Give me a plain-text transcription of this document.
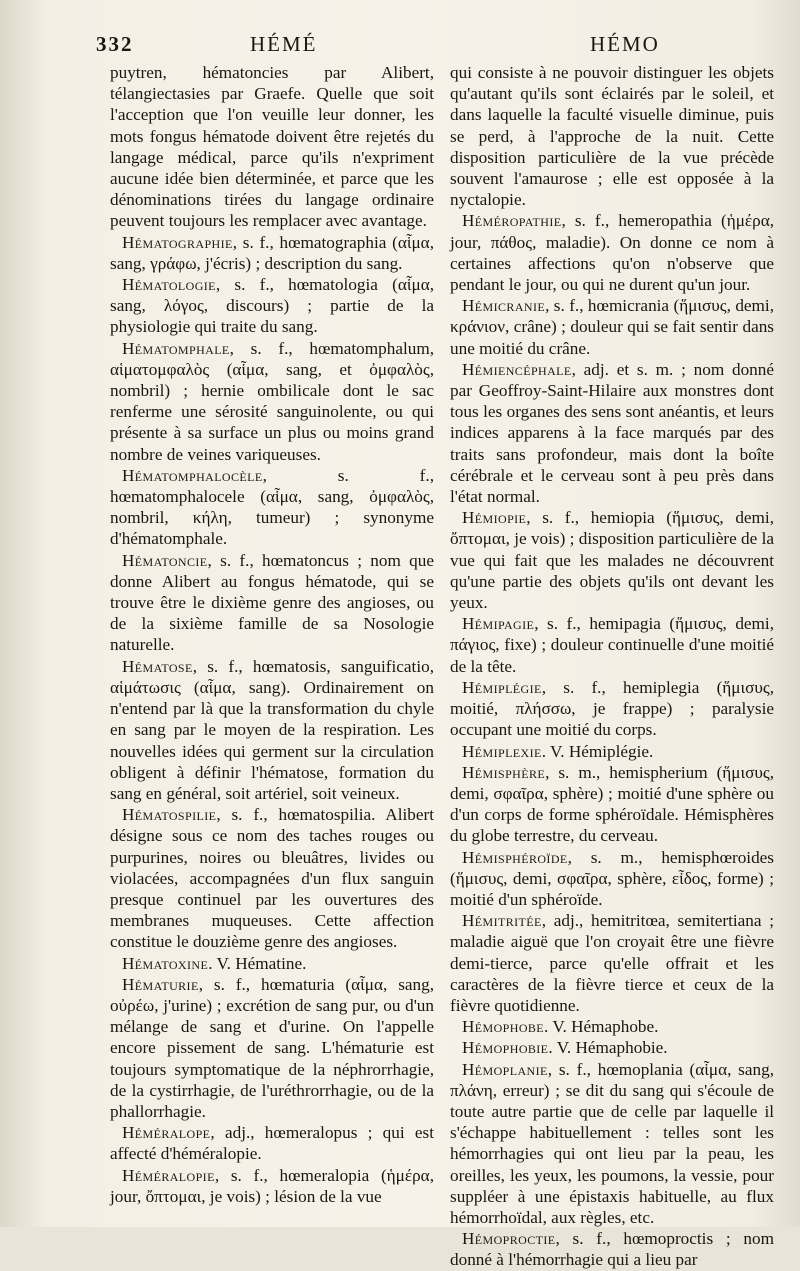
332	HÉMÉ	HÉMO

puytren, hématoncies par Alibert, télangiectasies par Graefe. Quelle que soit l'acception que l'on veuille leur donner, les mots fongus hématode doivent être rejetés du langage médical, parce qu'ils n'expriment aucune idée bien déterminée, et parce que les dénominations tirées du langage ordinaire peuvent toujours les remplacer avec avantage.

Hématographie, s. f., hœmatographia (αἷμα, sang, γράφω, j'écris) ; description du sang.

Hématologie, s. f., hœmatologia (αἷμα, sang, λόγος, discours) ; partie de la physiologie qui traite du sang.

Hématomphale, s. f., hœmatomphalum, αἱματομφαλὸς (αἷμα, sang, et ὀμφαλὸς, nombril) ; hernie ombilicale dont le sac renferme une sérosité sanguinolente, ou qui présente à sa surface un plus ou moins grand nombre de veines variqueuses.

Hématomphalocèle, s. f., hœmatomphalocele (αἷμα, sang, ὀμφαλὸς, nombril, κήλη, tumeur) ; synonyme d'hématomphale.

Hématoncie, s. f., hœmatoncus ; nom que donne Alibert au fongus hématode, qui se trouve être le dixième genre des angioses, ou de la sixième famille de sa Nosologie naturelle.

Hématose, s. f., hœmatosis, sanguificatio, αἱμάτωσις (αἷμα, sang). Ordinairement on n'entend par là que la transformation du chyle en sang par le moyen de la respiration. Les nouvelles idées qui germent sur la circulation obligent à définir l'hématose, formation du sang en général, soit artériel, soit veineux.

Hématospilie, s. f., hœmatospilia. Alibert désigne sous ce nom des taches rouges ou purpurines, noires ou bleuâtres, livides ou violacées, accompagnées d'un flux sanguin presque continuel par les ouvertures des membranes muqueuses. Cette affection constitue le douzième genre des angioses.

Hématoxine. V. Hématine.

Hématurie, s. f., hœmaturia (αἷμα, sang, οὐρέω, j'urine) ; excrétion de sang pur, ou d'un mélange de sang et d'urine. On l'appelle encore pissement de sang. L'hématurie est toujours symptomatique de la néphrorrhagie, de la cystirrhagie, de l'uréthrorrhagie, ou de la phallorrhagie.

Héméralope, adj., hœmeralopus ; qui est affecté d'héméralopie.

Héméralopie, s. f., hœmeralopia (ἡμέρα, jour, ὄπτομαι, je vois) ; lésion de la vue

qui consiste à ne pouvoir distinguer les objets qu'autant qu'ils sont éclairés par le soleil, et dans laquelle la faculté visuelle diminue, puis se perd, à l'approche de la nuit. Cette disposition particulière de la vue précède souvent l'amaurose ; elle est opposée à la nyctalopie.

Héméropathie, s. f., hemeropathia (ἡμέρα, jour, πάθος, maladie). On donne ce nom à certaines affections qu'on n'observe que pendant le jour, ou qui ne durent qu'un jour.

Hémicranie, s. f., hœmicrania (ἥμισυς, demi, κράνιον, crâne) ; douleur qui se fait sentir dans une moitié du crâne.

Hémiencéphale, adj. et s. m. ; nom donné par Geoffroy-Saint-Hilaire aux monstres dont tous les organes des sens sont anéantis, et leurs indices apparens à la face marqués par des traits sans profondeur, mais dont la boîte cérébrale et le cerveau sont à peu près dans l'état normal.

Hémiopie, s. f., hemiopia (ἥμισυς, demi, ὄπτομαι, je vois) ; disposition particulière de la vue qui fait que les malades ne découvrent qu'une partie des objets qu'ils ont devant les yeux.

Hémipagie, s. f., hemipagia (ἥμισυς, demi, πάγιος, fixe) ; douleur continuelle d'une moitié de la tête.

Hémiplégie, s. f., hemiplegia (ἥμισυς, moitié, πλήσσω, je frappe) ; paralysie occupant une moitié du corps.

Hémiplexie. V. Hémiplégie.

Hémisphère, s. m., hemispherium (ἥμισυς, demi, σφαῖρα, sphère) ; moitié d'une sphère ou d'un corps de forme sphéroïdale. Hémisphères du globe terrestre, du cerveau.

Hémisphéroïde, s. m., hemisphœroides (ἥμισυς, demi, σφαῖρα, sphère, εἶδος, forme) ; moitié d'un sphéroïde.

Hémitritée, adj., hemitritœa, semitertiana ; maladie aiguë que l'on croyait être une fièvre demi-tierce, parce qu'elle offrait et les caractères de la fièvre tierce et ceux de la fièvre quotidienne.

Hémophobe. V. Hémaphobe.

Hémophobie. V. Hémaphobie.

Hémoplanie, s. f., hœmoplania (αἷμα, sang, πλάνη, erreur) ; se dit du sang qui s'écoule de toute autre partie que de celle par laquelle il s'échappe habituellement : telles sont les hémorrhagies qui ont lieu par la peau, les oreilles, les yeux, les poumons, la vessie, pour suppléer à une épistaxis habituelle, au flux hémorrhoïdal, aux règles, etc.

Hémoproctie, s. f., hœmoproctis ; nom donné à l'hémorrhagie qui a lieu par
